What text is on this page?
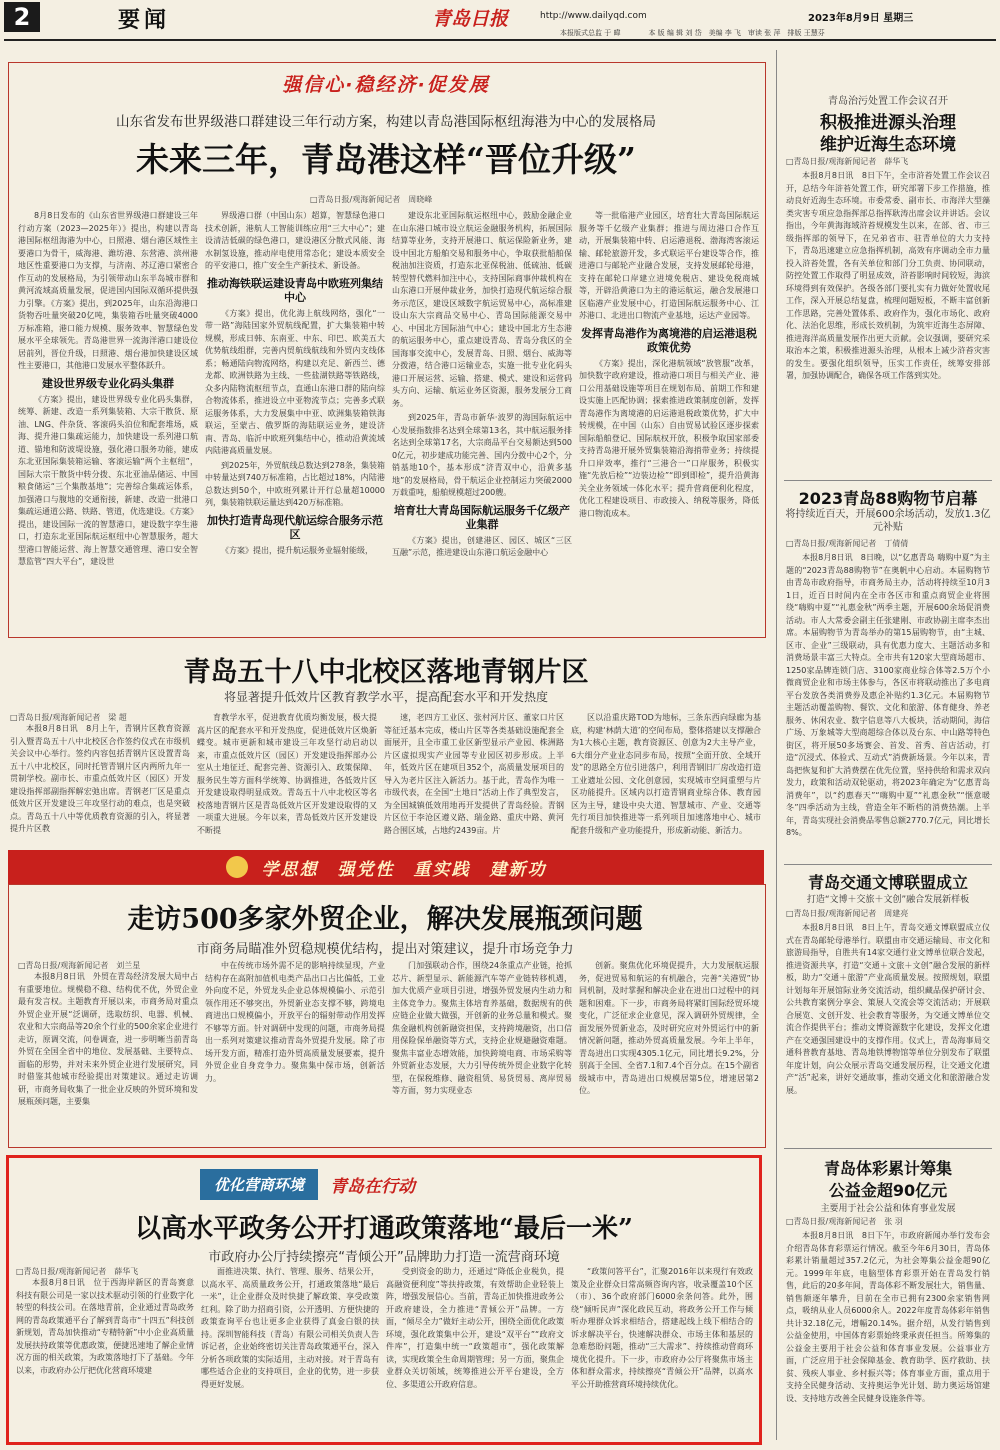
2	要闻	青岛日报	http://www.dailyqd.com	2023年8月9日 星期三
本报版式总监 于 暐　　　　本 版 编 辑 刘 岱　美编 李 飞　审读 张 萍　排版 王慧芬
强信心·稳经济·促发展
山东省发布世界级港口群建设三年行动方案，构建以青岛港国际枢纽海港为中心的发展格局
未来三年，青岛港这样“晋位升级”
□青岛日报/观海新闻记者　周晓峰

8月8日发布的《山东省世界级港口群建设三年行动方案（2023—2025年）》提出，构建以青岛港国际枢纽海港为中心，日照港、烟台港区域性主要港口为骨干，威海港、潍坊港、东营港、滨州港地区性重要港口为支撑，与济南、苏辽港口紧密合作互动的发展格局，为引领带动山东半岛城市群和黄河流域高质量发展，促进国内国际双循环提供强力引擎。《方案》提出，到2025年，山东沿海港口货物吞吐量突破20亿吨，集装箱吞吐量突破4000万标准箱，港口能力规模、服务效率、智慧绿色发展水平全球领先。青岛港世界一流海洋港口建设位居前列，晋位升级，日照港、烟台港加快建设区域性主要港口，其他港口发展水平整体跃升。

建设世界级专业化码头集群

《方案》提出，建设世界级专业化码头集群，统筹、新建、改造一系列集装箱、大宗干散货、原油、LNG、件杂货、客滚码头泊位和配套堆场，威海、提升港口集疏运能力，加快建设一系列港口航道、锚地和防波堤设施，强化港口服务功能，建成东北亚国际集装箱运输、客滚运输“两个主枢纽”，国际大宗干散货中转分拨、东北亚油品储运、中国粮食储运“三个集散基地”；完善综合集疏运体系，加强港口与腹地的交通衔接，新建、改造一批港口集疏运通道公路、铁路、管道，优选建设。《方案》提出，建设国际一流的智慧港口，建设数字孪生港口，打造东北亚国际航运枢纽中心智慧服务，超大型港口智能运营、海上智慧交通管理、港口安全智慧监管“四大平台”，建设世

界级港口群（中国山东）超算，智慧绿色港口技术创新，港航人工智能训练应用“三大中心”；建设清洁低碳的绿色港口，建设港区分散式风能、海水制氢设施，推动岸电使用常态化；建设本质安全的平安港口，推广安全生产新技术、新设备。

推动海铁联运建设青岛中欧班列集结中心

《方案》提出，优化海上航线网络，强化“一带一路”海陆国家外贸航线配置，扩大集装箱中转规模，形成日韩、东南亚、中东、印巴、欧美五大优势航线组群，完善内贸航线航线和外贸内支线体系；畅通陆向物流网络，构建以充足、新西兰、德龙都、欧洲铁路为主线、一些盐湖铁路等铁路线，众多内陆物流枢纽节点，直通山东港口群的陆向综合物流体系，推进设立中亚物流节点；完善多式联运服务体系，大力发展集中中亚、欧洲集装箱铁海联运，至蒙古、俄罗斯的海陆联运业务，建设济南、青岛、临沂中欧班列集结中心，推动沿黄流域内陆港高质量发展。

到2025年，外贸航线总数达到278条，集装箱中转量达到740万标准箱，占比超过18%，内陆港总数达到50个，中欧班列累计开行总量超10000列，集装箱铁联运量达到420万标准箱。

加快打造青岛现代航运综合服务示范区

《方案》提出，提升航运服务业辐射能级，

建设东北亚国际航运枢纽中心，鼓励金融企业在山东港口城市设立航运金融服务机构，拓展国际结算等业务，支持开展港口、航运保险新业务，建设中国北方船舶交易和服务中心，争取获批船舶保税油加注资质，打造东北亚保税油、低硫油、低碳转型替代燃料加注中心，支持国际商事仲裁机构在山东港口开展仲裁业务，加快打造现代航运综合服务示范区，建设区域数字航运贸易中心，高标准建设山东大宗商品交易中心、青岛国际能源交易中心、中国北方国际油气中心；建设中国北方生态港的航运服务中心，重点建设青岛、青岛分我区的全国海事交流中心，发展青岛、日照、烟台、威海等分拨港，结合港口运输业态，实施一批专业化码头港口开展运营、运输、搭建、模式、建设和运营码头方向、运输、航运业务区资源，服务发展分工商务。

到2025年，青岛市新华·波罗的海国际航运中心发展指数排名达到全球第13名，其中航运服务排名达到全球第17名，大宗商品平台交易额达到5000亿元，初步建成功能完善、国内分拨中心2个，分销基地10个，基本形成“济青双中心，沿黄多基地”的发展格局，骨干航运企业控制运力突破2000万载重吨，船舶规模超过200艘。

培育壮大青岛国际航运服务千亿级产业集群

《方案》提出，创建港区、园区、城区“三区互融”示范，推进建设山东港口航运金融中心

等一批临港产业园区，培育壮大青岛国际航运服务等千亿级产业集群；推进与周边港口合作互动，开展集装箱中转、启运港退税、渤海湾客滚运输、邮轮旅游开发，多式联运平台建设等合作，推进港口与邮轮产业融合发展，支持发展邮轮母港，支持在邮轮口岸建立进境免税店、建设免税商城等，开辟沿黄港口为主的港运航运，融合发展港口区临港产业发展中心，打造国际航运服务中心、江苏港口、北进出口物流产业基地，运达产业园等。

发挥青岛港作为离境港的启运港退税政策优势

《方案》提出，深化港航领域“放管服”改革，加快数字政府建设，推动港口项目与相关产业、港口公用基础设施等项目在规划布局、前期工作和建设实施上匹配协调；探索推进政策制度创新，发挥青岛港作为离境港的启运港退税政策优势，扩大中转规模，在中国（山东）自由贸易试验区逐步探索国际船舶登记、国际航权开放，积极争取国家部委支持青岛港开展外贸集装箱沿海捎带业务；持续提升口岸效率，推行“三港合一”口岸服务，积极实施“先放后检”“边装边检”“即到即检”，提升沿黄海关全业务领域一体化水平；提升营商便利化程度，优化工程建设项目、市政接入、纳税等服务，降低港口物流成本。

青岛五十八中北校区落地青钢片区
将显著提升低效片区教育教学水平，提高配套水平和开发热度
□青岛日报/观海新闻记者　梁 超

本报8月8日讯　8月上午，青钢片区教育资源引入暨青岛五十八中北校区合作签约仪式在市级机关会议中心举行。签约内容包括青钢片区设置青岛五十八中北校区，同时托管青钢片区内两所九年一贯制学校。副市长、市重点低效片区（园区）开发建设指挥部副指挥解宏弛出席。青钢老厂区是重点低效片区开发建设三年攻坚行动的难点，也是突破点。青岛五十八中等优质教育资源的引入，将显著提升片区教

育教学水平，促进教育优质均衡发展，极大提高片区的配套水平和开发热度，促进低效片区焕新蝶变。城市更新和城市建设三年攻坚行动启动以来，市重点低效片区（园区）开发建设指挥部办公室从土地征迁、配套完善、资源引入、政策保障、服务民生等方面科学统筹、协调推进，各低效片区开发建设取得明显成效。青岛五十八中北校区等名校落地青钢片区是青岛低效片区开发建设取得的又一项重大进展。今年以来，青岛低效片区开发建设不断提

速，老四方工业区、张村河片区、董家口片区等征迁基本完成，楼山片区等各类基础设施配套全面展开，且全市重工业区新型显示产业园、株洲路片区虚拟现实产业园等专业园区初步形成。上半年，低效片区在建项目352个，高质量发展项目的导入为老片区注入新活力。基于此，青岛作为唯一市级代表，在全国“土地日”活动上作了典型发言，为全国城镇低效用地再开发提供了青岛经验。青钢片区位于李沧区遵义路、瑞金路、重庆中路、黄河路合围区域，占地约2439亩。片

区以沿重庆路TOD为地标，三条东西向绿廊为基底，构建‘林荫大道’的空间布局，整体搭建以支撑融合为1大核心主题，教育资源区、创意为2大主导产业，6大细分产业业态同步布局，按照“全面开放、全域开发”的思路全方位引进落户，利用青钢旧厂房改造打造工业遗址公园、文化创意园，实现城市空间重塑与片区功能提升。区域内以打造青钢商业综合体、教育园区为主导，建设中央大道、智慧城市、产业、交通等先行项目加快推进等一系列项目加速落地中心、城市配套升级和产业功能提升，形成新动能、新活力。

学思想　强党性　重实践　建新功
走访500多家外贸企业，解决发展瓶颈问题
市商务局瞄准外贸稳规模优结构，提出对策建议，提升市场竞争力
□青岛日报/观海新闻记者　刘兰星

本报8月8日讯　外贸在青岛经济发展大局中占有重要地位。规模稳不稳、结构优不优，外贸企业最有发言权。主题教育开展以来，市商务局对重点外贸企业开展“泛调研，选取纺织、电器、机械、农业和大宗商品等20余个行业的500余家企业进行走访，原调交流，问卷调查，进一步明晰当前青岛外贸在全国全省中的地位、发展基础、主要特点、面临的形势，并对未来外贸企业进行发展研究，同时借鉴其他城市经验提出对策建议。通过走访调研，市商务局收集了一批企业反映的外贸环境和发展瓶颈问题，主要集

中在传统市场外需不足的影响持续显现，产业结构存在高附加值机电类产品出口占比偏低，工业外向度不足，外贸龙头企业总体规模偏小、示范引领作用还不够突出，外贸新业态支撑不够，跨境电商进出口规模偏小，开放平台的辐射带动作用发挥不够等方面。针对调研中发现的问题，市商务局提出一系列对策建议推动青岛外贸提升发展。除了市场开发方面，精准打造外贸高质量发展要素，提升外贸企业自身竞争力。聚焦集中保市场，创新活力。

门加强联动合作，围绕24条重点产业链，抢抓芯片、新型显示、新能源汽车等产业链转移机遇，加大优质产业项目引进，增强外贸发展内生动力和主体竞争力。聚焦主体培育养基础，数据规有的供应链企业做大做强，开创新的业务总量和模式。聚焦金融机构创新融资担保，支持跨境融资，出口信用保险保单融资等方式，支持企业规避融资难题。聚焦丰富业态增效能，加快跨境电商、市场采购等外贸新业态发展，大力引导传统外贸企业数字化转型，在保税维修、融资租赁、易货贸易、离岸贸易等方面，努力实现业态

创新。聚焦优化环境促提升，大力发展航运服务，促进贸易和航运的有机融合，完善“关港贸”协同机制，及时掌握和解决企业在进出口过程中的问题和困难。下一步，市商务局将紧盯国际经贸环境变化，广泛征求企业意见，深入调研外贸规律，全面发展外贸新业态，及时研究应对外贸运行中的新情况新问题，推动外贸高质量发展。今年上半年，青岛进出口实现4305.1亿元，同比增长9.2%，分别高于全国、全省7.1和7.4个百分点。在15个副省级城市中，青岛进出口规模居第5位，增速居第2位。

优化营商环境	青岛在行动
以高水平政务公开打通政策落地“最后一米”
市政府办公厅持续擦亮“青倾公开”品牌助力打造一流营商环境
□青岛日报/观海新闻记者　薛华飞

本报8月8日讯　位于西海岸新区的青岛赛意科技有限公司是一家以技术驱动引领的行业数字化转型的科技公司。在落地青前，企业通过青岛政务网的青岛政策通平台了解到青岛市“十四五”科技创新规划，青岛加快推动“专精特新”中小企业高质量发展扶持政策等优惠政策，便捷迅速地了解企业情况方面的相关政策，为政策落地打下了基础。今年以来，市政府办公厅把优化营商环境建

面推进决策、执行、管理、服务、结果公开，以高水平、高质量政务公开，打通政策落地“最后一米”，让企业群众及时快捷了解政策、享受政策红利。除了助力招商引资，公开透明、方便快捷的政策查询平台也让更多企业获得了真金白银的扶持。深圳智能科技（青岛）有限公司相关负责人告诉记者，企业始终密切关注青岛政策通平台，深入分析各项政策的实际适用，主动对接。对于青岛有哪些适合企业的支持项目，企业的优势，进一步获得更好发展。

受到资金的助力，还通过“降低企业税负，提高融资便利度”等扶持政策，有效帮助企业轻装上阵，增强发展信心。当前，青岛正加快推进政务公开政府建设，全力推进“青倾公开”品牌。一方面，“倾尽全力”做好主动公开，围绕全面优化政策环境，强化政策集中公开，建设“双平台”“政府文件库”，打造集中统一“政策超市”，强化政策解读，实现政策全生命周期管理；另一方面，聚焦企业群众关切领域，统筹推进公开平台建设，全方位、多渠道公开政府信息。

“政策问答平台”，汇聚2016年以来现行有效政策及企业群众日常高频咨询内容，收录覆盖10个区（市）、36个政府部门6000余条问答。此外，围绕“倾听民声”深化政民互动，将政务公开工作与倾听办理群众诉求相结合，搭建起线上线下相结合的诉求解决平台，快速解决群众、市场主体和基层的急难愁盼问题，推动“三大需求”、持续推动营商环境优化提升。下一步，市政府办公厅将聚焦市场主体和群众需求，持续擦亮“青倾公开”品牌，以高水平公开助推营商环境持续优化。

青岛治污处置工作会议召开
积极推进源头治理
维护近海生态环境
□青岛日报/观海新闻记者　薛华飞

本报8月8日讯　8日下午，全市浒苔处置工作会议召开，总结今年浒苔处置工作，研究部署下步工作措施，推动良好近海生态环境。市委常委、副市长、市海洋大型藻类灾害专项应急指挥部总指挥耿涛出席会议并讲话。会议指出，今年黄海海域浒苔规模发生以来，在部、省、市三级指挥部的领导下，在兄弟省市、驻青单位的大力支持下，青岛迅速建立应急指挥机制，高效有序调动全市力量投入浒苔处置，各有关单位和部门分工负责、协同联动，防控处置工作取得了明显成效，浒苔影响时间较短，海滨环境得到有效保护。各级各部门要扎实有力做好处置收尾工作，深入开展总结复盘，梳理问题短板，不断丰富创新工作思路，完善处置体系、政府作为，强化市场化、政府化、法治化思维，形成长效机制，为筑牢近海生态屏障、推进海洋高质量发展作出更大贡献。会议强调，要研究采取治本之策，积极推进源头治理，从根本上减少浒苔灾害的发生。要强化组织领导，压实工作责任，统筹安排部署，加强协调配合，确保各项工作落到实处。

2023青岛88购物节启幕
将持续近百天，开展600余场活动，发放1.3亿元补贴
□青岛日报/观海新闻记者　丁倩倩

本报8月8日讯　8日晚，以“亿惠青岛 嗨购中夏”为主题的“2023青岛88购物节”在奥帆中心启动。本届购物节由青岛市政府指导，市商务局主办，活动将持续至10月31日，近百日时间内在全市各区市和重点商贸企业将围绕“嗨购中夏”“礼惠金秋”两季主题，开展600余场促消费活动。市人大常委会副主任张建刚、市政协副主席李杰出席。本届购物节为青岛举办的第15届购物节，由“主城、区市、企业”三级联动，具有优惠力度大、主题活动多和消费场景丰富三大特点。全市共有120家大型商场超市、1250家品牌连锁门店、3100家商业综合体等2.5万个小微商贸企业和市场主体参与，各区市将联动推出了多电商平台发放各类消费券及惠企补贴约1.3亿元。本届购物节主题活动覆盖购物、餐饮、文化和旅游、体育健身、养老服务、休闲农业、数字信息等八大板块，活动期间，海信广场、万象城等大型商超综合体以及台东、中山路等特色街区，将开展50多场赛会、首发、首秀、首店活动，打造“沉浸式、体验式、互动式”消费新场景。今年以来，青岛把恢复和扩大消费摆在优先位置，坚持供给和需求双向发力，政策和活动双轮驱动，将2023年确定为“亿惠青岛消费年”，以“约惠春天”“嗨购中夏”“礼惠金秋”“惬意暖冬”四季活动为主线，营造全年不断档的消费热潮。上半年，青岛实现社会消费品零售总额2770.7亿元，同比增长8%。

青岛交通文博联盟成立
打造“文博＋交旅＋文创”融合发展新样板
□青岛日报/观海新闻记者　周建亮

本报8月8日讯　8日上午，青岛交通文博联盟成立仪式在青岛邮轮母港举行。联盟由市交通运输局、市文化和旅游局指导，自胜共有14家交通行业文博单位联合发起，推进资源共享，打造“交通＋文旅＋文创”融合发展的新样板，助力“交通＋旅游”产业高质量发展。按照规划，联盟计划每年开展馆际业务交流活动，组织藏品保护研讨会、公共教育案例分享会、策展人交流会等交流活动；开展联合展览、文创开发、社会教育等服务，为交通文博单位交流合作提供平台；推动文博资源数字化建设，发挥文化遗产在交通强国建设中的支撑作用。仪式上，青岛海事局交通科普教育基地、青岛地铁博物馆等单位分别发布了联盟年度计划，向公众展示青岛交通发展历程，让交通文化遗产“活”起来，讲好交通故事，推动交通文化和旅游融合发展。

青岛体彩累计筹集
公益金超90亿元
主要用于社会公益和体育事业发展
□青岛日报/观海新闻记者　张 羽

本报8月8日讯　8日下午，市政府新闻办举行发布会介绍青岛体育彩票运行情况。截至今年6月30日，青岛体彩累计销量超过357.2亿元，为社会筹集公益金超90亿元。1999年年底，电脑型体育彩票开始在青岛发行销售，此后的20多年间，青岛体彩不断发展壮大，销售量、销售额逐年攀升，目前在全市已拥有2300余家销售网点，吸纳从业人员6000余人。2022年度青岛体彩年销售共计32.18亿元，增幅20.14%。据介绍，从发行销售到公益金使用，中国体育彩票始终秉承责任担当。所筹集的公益金主要用于社会公益和体育事业发展。公益事业方面，广泛应用于社会保障基金、教育助学、医疗救助、扶贫、残疾人事业、乡村振兴等；体育事业方面，重点用于支持全民健身活动、支持奥运争光计划、助力奥运场馆建设、支持地方改善全民健身设施条件等。
